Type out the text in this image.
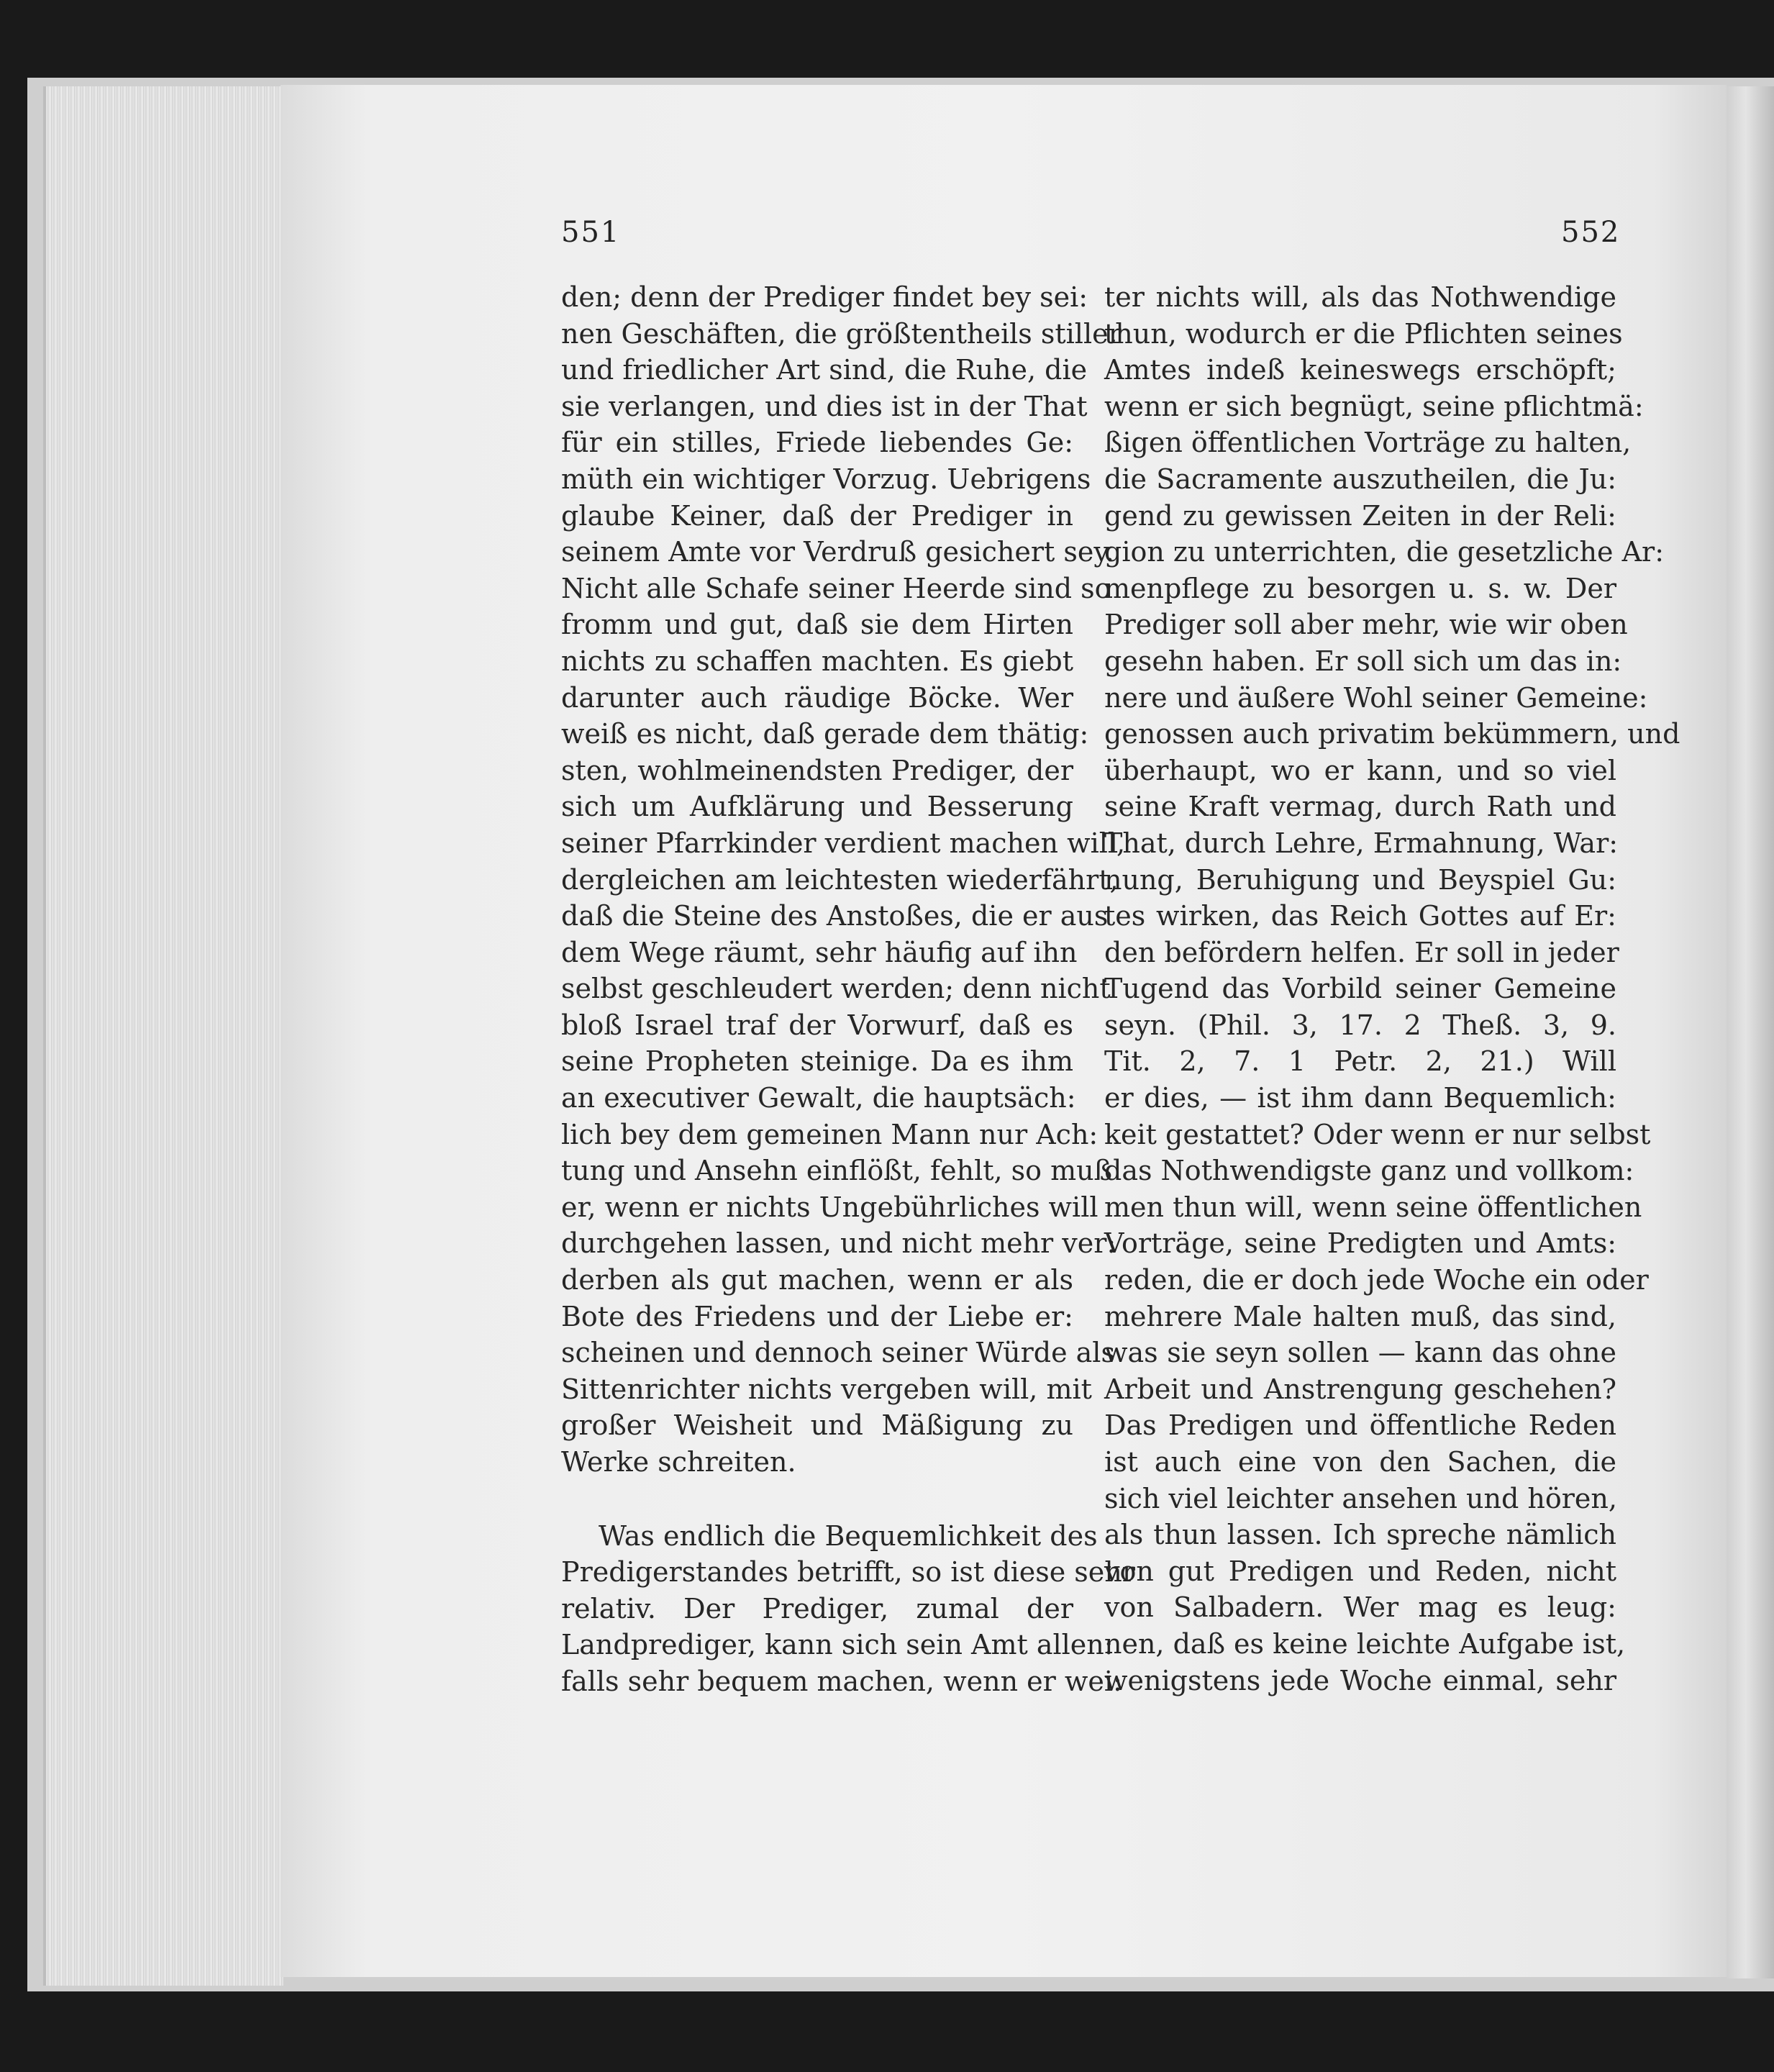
551	552
den; denn der Prediger findet bey sei:
nen Geschäften, die größtentheils stiller
und friedlicher Art sind, die Ruhe, die
sie verlangen, und dies ist in der That
für ein stilles, Friede liebendes Ge:
müth ein wichtiger Vorzug. Uebrigens
glaube Keiner, daß der Prediger in
seinem Amte vor Verdruß gesichert sey.
Nicht alle Schafe seiner Heerde sind so
fromm und gut, daß sie dem Hirten
nichts zu schaffen machten. Es giebt
darunter auch räudige Böcke. Wer
weiß es nicht, daß gerade dem thätig:
sten, wohlmeinendsten Prediger, der
sich um Aufklärung und Besserung
seiner Pfarrkinder verdient machen will,
dergleichen am leichtesten wiederfährt,
daß die Steine des Anstoßes, die er aus
dem Wege räumt, sehr häufig auf ihn
selbst geschleudert werden; denn nicht
bloß Israel traf der Vorwurf, daß es
seine Propheten steinige. Da es ihm
an executiver Gewalt, die hauptsäch:
lich bey dem gemeinen Mann nur Ach:
tung und Ansehn einflößt, fehlt, so muß
er, wenn er nichts Ungebührliches will
durchgehen lassen, und nicht mehr ver:
derben als gut machen, wenn er als
Bote des Friedens und der Liebe er:
scheinen und dennoch seiner Würde als
Sittenrichter nichts vergeben will, mit
großer Weisheit und Mäßigung zu
Werke schreiten.
Was endlich die Bequemlichkeit des
Predigerstandes betrifft, so ist diese sehr
relativ. Der Prediger, zumal der
Landprediger, kann sich sein Amt allen:
falls sehr bequem machen, wenn er wei:
ter nichts will, als das Nothwendige
thun, wodurch er die Pflichten seines
Amtes indeß keineswegs erschöpft;
wenn er sich begnügt, seine pflichtmä:
ßigen öffentlichen Vorträge zu halten,
die Sacramente auszutheilen, die Ju:
gend zu gewissen Zeiten in der Reli:
gion zu unterrichten, die gesetzliche Ar:
menpflege zu besorgen u. s. w. Der
Prediger soll aber mehr, wie wir oben
gesehn haben. Er soll sich um das in:
nere und äußere Wohl seiner Gemeine:
genossen auch privatim bekümmern, und
überhaupt, wo er kann, und so viel
seine Kraft vermag, durch Rath und
That, durch Lehre, Ermahnung, War:
nung, Beruhigung und Beyspiel Gu:
tes wirken, das Reich Gottes auf Er:
den befördern helfen. Er soll in jeder
Tugend das Vorbild seiner Gemeine
seyn. (Phil. 3, 17. 2 Theß. 3, 9.
Tit. 2, 7. 1 Petr. 2, 21.) Will
er dies, — ist ihm dann Bequemlich:
keit gestattet? Oder wenn er nur selbst
das Nothwendigste ganz und vollkom:
men thun will, wenn seine öffentlichen
Vorträge, seine Predigten und Amts:
reden, die er doch jede Woche ein oder
mehrere Male halten muß, das sind,
was sie seyn sollen — kann das ohne
Arbeit und Anstrengung geschehen?
Das Predigen und öffentliche Reden
ist auch eine von den Sachen, die
sich viel leichter ansehen und hören,
als thun lassen. Ich spreche nämlich
von gut Predigen und Reden, nicht
von Salbadern. Wer mag es leug:
nen, daß es keine leichte Aufgabe ist,
wenigstens jede Woche einmal, sehr
